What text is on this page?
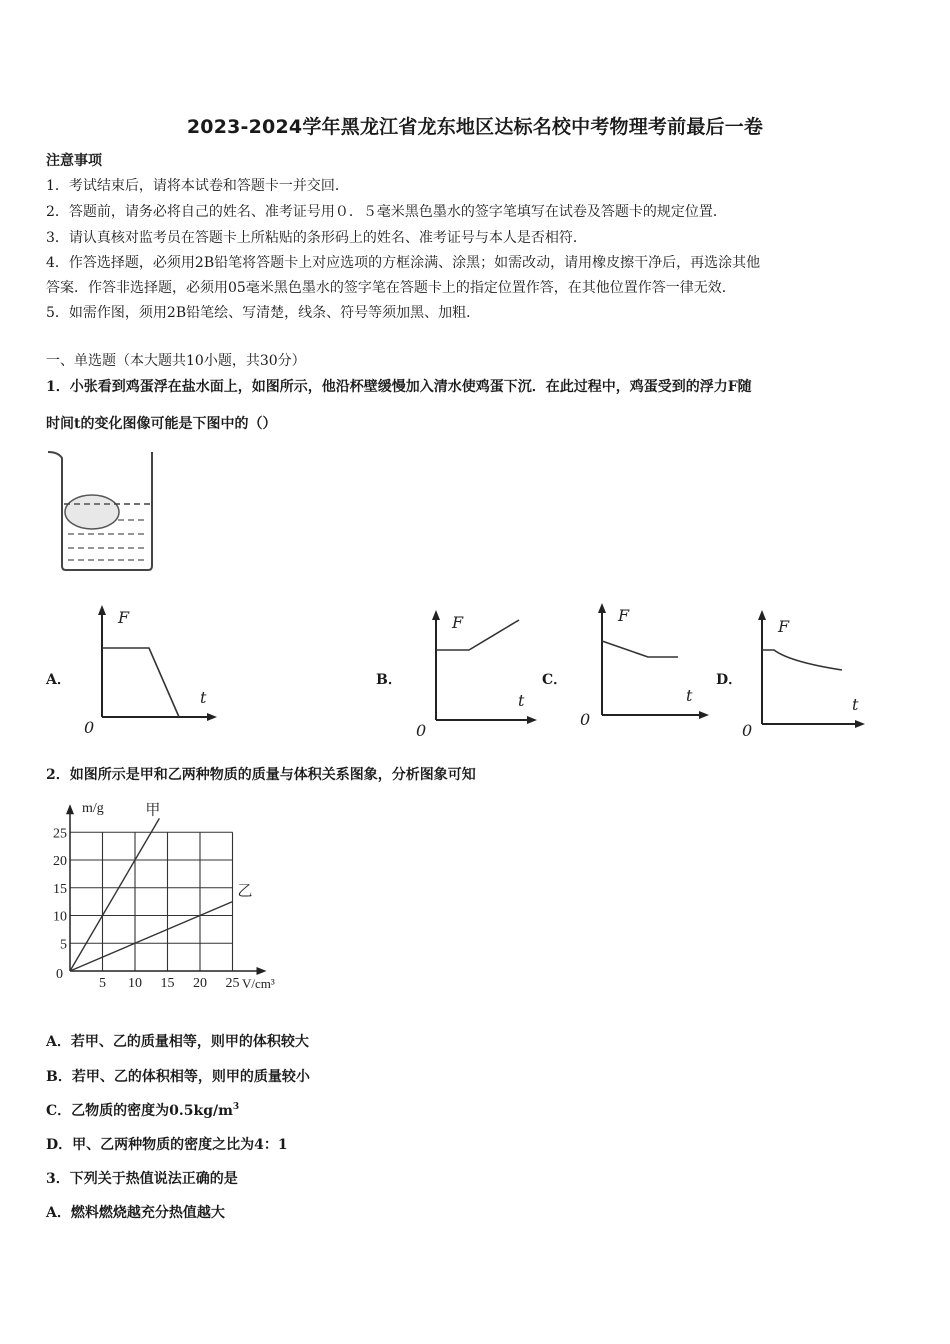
2023-2024学年黑龙江省龙东地区达标名校中考物理考前最后一卷
注意事项
1．考试结束后，请将本试卷和答题卡一并交回．
2．答题前，请务必将自己的姓名、准考证号用０．５毫米黑色墨水的签字笔填写在试卷及答题卡的规定位置．
3．请认真核对监考员在答题卡上所粘贴的条形码上的姓名、准考证号与本人是否相符．
4．作答选择题，必须用2B铅笔将答题卡上对应选项的方框涂满、涂黑；如需改动，请用橡皮擦干净后，再选涂其他
答案．作答非选择题，必须用05毫米黑色墨水的签字笔在答题卡上的指定位置作答，在其他位置作答一律无效．
5．如需作图，须用2B铅笔绘、写清楚，线条、符号等须加黑、加粗．
一、单选题（本大题共10小题，共30分）
1．小张看到鸡蛋浮在盐水面上，如图所示，他沿杯壁缓慢加入清水使鸡蛋下沉．在此过程中，鸡蛋受到的浮力F随
时间t的变化图像可能是下图中的（）
A．	B．	C．	D．
F
t
0
F
t
0
F
t
0
F
t
0
2．如图所示是甲和乙两种物质的质量与体积关系图象，分析图象可知
5 10 15 20 25
25
20
15
10
5
甲
乙
m/g
V/cm³
0
A．若甲、乙的质量相等，则甲的体积较大
B．若甲、乙的体积相等，则甲的质量较小
C．乙物质的密度为$0.5kg/m^3$
D．甲、乙两种物质的密度之比为4：1
3．下列关于热值说法正确的是
A．燃料燃烧越充分热值越大
